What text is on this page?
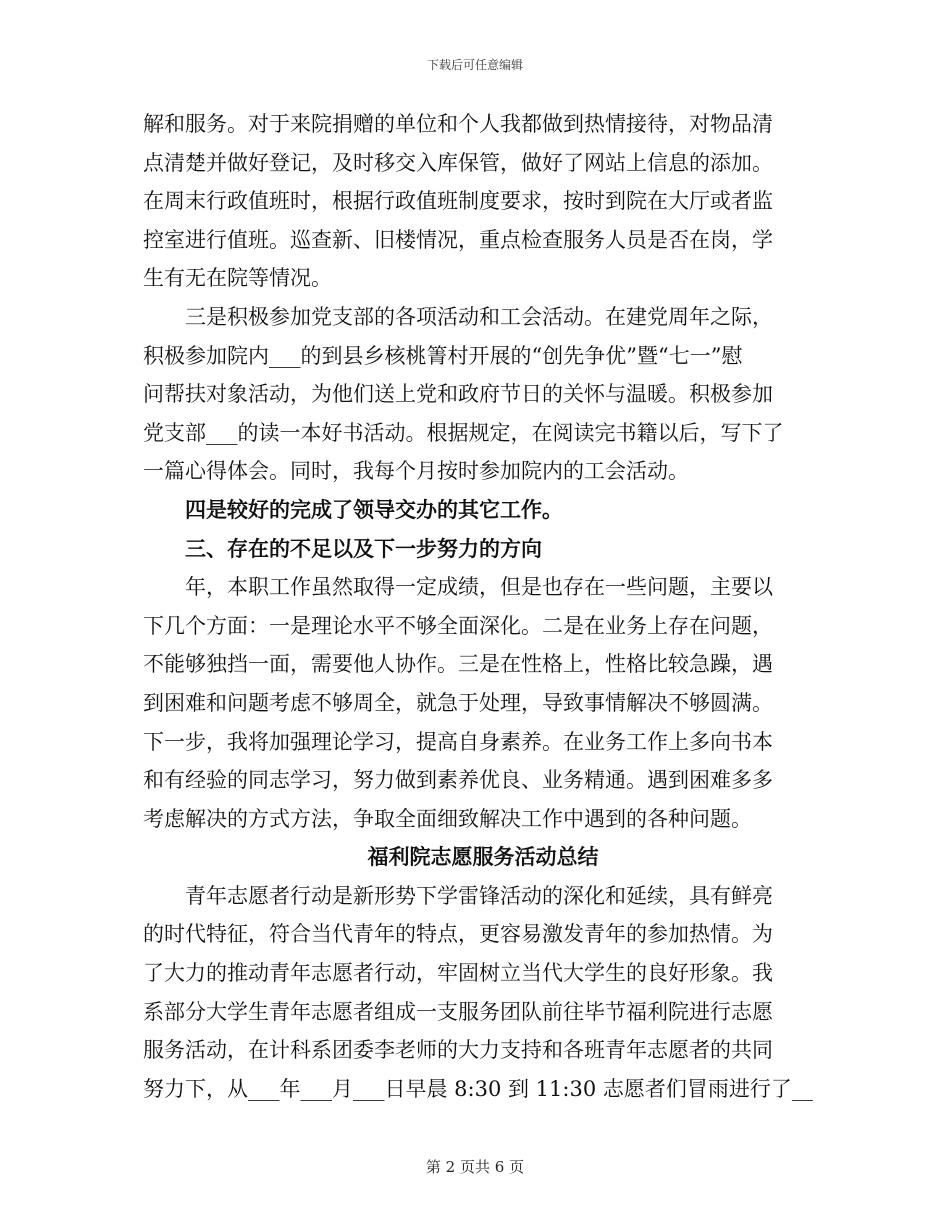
下载后可任意编辑
解和服务。对于来院捐赠的单位和个人我都做到热情接待，对物品清
点清楚并做好登记，及时移交入库保管，做好了网站上信息的添加。
在周末行政值班时，根据行政值班制度要求，按时到院在大厅或者监
控室进行值班。巡查新、旧楼情况，重点检查服务人员是否在岗，学
生有无在院等情况。
　　三是积极参加党支部的各项活动和工会活动。在建党周年之际，
积极参加院内___的到县乡核桃箐村开展的“创先争优”暨“七一”慰
问帮扶对象活动，为他们送上党和政府节日的关怀与温暖。积极参加
党支部___的读一本好书活动。根据规定，在阅读完书籍以后，写下了
一篇心得体会。同时，我每个月按时参加院内的工会活动。
　　四是较好的完成了领导交办的其它工作。
　　三、存在的不足以及下一步努力的方向
　　年，本职工作虽然取得一定成绩，但是也存在一些问题，主要以
下几个方面：一是理论水平不够全面深化。二是在业务上存在问题，
不能够独挡一面，需要他人协作。三是在性格上，性格比较急躁，遇
到困难和问题考虑不够周全，就急于处理，导致事情解决不够圆满。
下一步，我将加强理论学习，提高自身素养。在业务工作上多向书本
和有经验的同志学习，努力做到素养优良、业务精通。遇到困难多多
考虑解决的方式方法，争取全面细致解决工作中遇到的各种问题。
福利院志愿服务活动总结
　　青年志愿者行动是新形势下学雷锋活动的深化和延续，具有鲜亮
的时代特征，符合当代青年的特点，更容易激发青年的参加热情。为
了大力的推动青年志愿者行动，牢固树立当代大学生的良好形象。我
系部分大学生青年志愿者组成一支服务团队前往毕节福利院进行志愿
服务活动，在计科系团委李老师的大力支持和各班青年志愿者的共同
努力下，从___年___月___日早晨 8:30 到 11:30 志愿者们冒雨进行了__
第 2 页共 6 页
